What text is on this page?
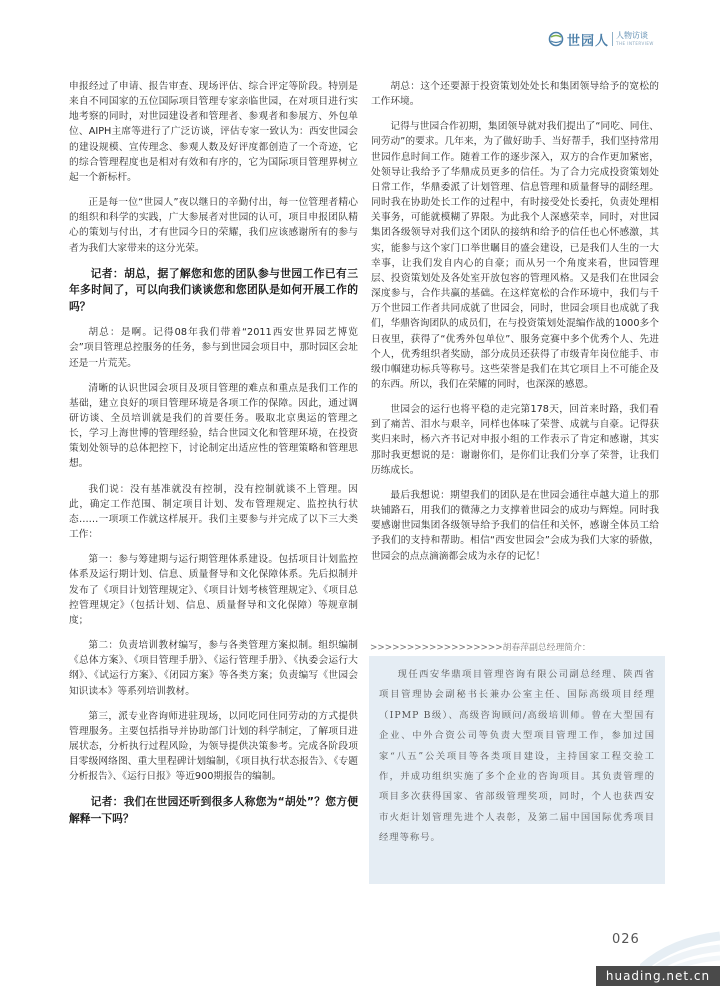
世园人 人物访谈
THE INTERVIEW

申报经过了申请、报告审查、现场评估、综合评定等阶段。特别是来自不同国家的五位国际项目管理专家亲临世园，在对项目进行实地考察的同时，对世园建设者和管理者、参观者和参展方、外包单位、AIPH主席等进行了广泛访谈，评估专家一致认为：西安世园会的建设规模、宣传理念、参观人数及好评度都创造了一个奇迹，它的综合管理程度也是相对有效和有序的，它为国际项目管理界树立起一个新标杆。

正是每一位“世园人”夜以继日的辛勤付出，每一位管理者精心的组织和科学的实践，广大参展者对世园的认可，项目申报团队精心的策划与付出，才有世园今日的荣耀，我们应该感谢所有的参与者为我们大家带来的这分光荣。

记者：胡总，据了解您和您的团队参与世园工作已有三年多时间了，可以向我们谈谈您和您团队是如何开展工作的吗？

胡总：是啊。记得08年我们带着“2011西安世界园艺博览会”项目管理总控服务的任务，参与到世园会项目中，那时园区会址还是一片荒芜。

清晰的认识世园会项目及项目管理的难点和重点是我们工作的基础，建立良好的项目管理环境是各项工作的保障。因此，通过调研访谈、全员培训就是我们的首要任务。吸取北京奥运的管理之长，学习上海世博的管理经验，结合世园文化和管理环境，在投资策划处领导的总体把控下，讨论制定出适应性的管理策略和管理思想。

我们说：没有基准就没有控制，没有控制就谈不上管理。因此，确定工作范围、制定项目计划、发布管理规定、监控执行状态……一项项工作就这样展开。我们主要参与并完成了以下三大类工作：

第一：参与筹建期与运行期管理体系建设。包括项目计划监控体系及运行期计划、信息、质量督导和文化保障体系。先后拟制并发布了《项目计划管理规定》、《项目计划考核管理规定》、《项目总控管理规定》（包括计划、信息、质量督导和文化保障）等规章制度；

第二：负责培训教材编写，参与各类管理方案拟制。组织编制《总体方案》、《项目管理手册》、《运行管理手册》、《执委会运行大纲》、《试运行方案》、《闭园方案》等各类方案；负责编写《世园会知识读本》等系列培训教材。

第三，派专业咨询师进驻现场，以同吃同住同劳动的方式提供管理服务。主要包括指导并协助部门计划的科学制定，了解项目进展状态，分析执行过程风险，为领导提供决策参考。完成各阶段项目零级网络图、重大里程碑计划编制，《项目执行状态报告》、《专题分析报告》、《运行日报》等近900期报告的编制。

记者：我们在世园还听到很多人称您为“胡处”？您方便解释一下吗？

胡总：这个还要源于投资策划处处长和集团领导给予的宽松的工作环境。

记得与世园合作初期，集团领导就对我们提出了“同吃、同住、同劳动”的要求。几年来，为了做好助手、当好帮手，我们坚持常用世园作息时间工作。随着工作的逐步深入，双方的合作更加紧密，处领导让我给予了华鼎成员更多的信任。为了合力完成投资策划处日常工作，华鼎委派了计划管理、信息管理和质量督导的副经理。同时我在协助处长工作的过程中，有时接受处长委托，负责处理相关事务，可能就模糊了界限。为此我个人深感荣幸，同时，对世园集团各级领导对我们这个团队的接纳和给予的信任也心怀感激，其实，能参与这个家门口举世瞩目的盛会建设，已是我们人生的一大幸事，让我们发自内心的自豪；而从另一个角度来看，世园管理层、投资策划处及各处室开放包容的管理风格。又是我们在世园会深度参与，合作共赢的基础。在这样宽松的合作环境中，我们与千万个世园工作者共同成就了世园会，同时，世园会项目也成就了我们，华鼎咨询团队的成员们，在与投资策划处混编作战的1000多个日夜里，获得了“优秀外包单位”、服务竞赛中多个优秀个人、先进个人，优秀组织者奖励，部分成员还获得了市级青年岗位能手、市级巾帼建功标兵等称号。这些荣誉是我们在其它项目上不可能企及的东西。所以，我们在荣耀的同时，也深深的感恩。

世园会的运行也将平稳的走完第178天，回首来时路，我们看到了痛苦、泪水与艰辛，同样也体味了荣誉、成就与自豪。记得获奖归来时，杨六齐书记对申报小组的工作表示了肯定和感谢，其实那时我更想说的是：谢谢你们，是你们让我们分享了荣誉，让我们历练成长。

最后我想说：期望我们的团队是在世园会通往卓越大道上的那块铺路石，用我们的微薄之力支撑着世园会的成功与辉煌。同时我要感谢世园集团各级领导给予我们的信任和关怀，感谢全体员工给予我们的支持和帮助。相信“西安世园会”会成为我们大家的骄傲，世园会的点点滴滴都会成为永存的记忆！

>>>>>>>>>>>>>>>>>>胡春萍副总经理简介：
现任西安华鼎项目管理咨询有限公司副总经理、陕西省项目管理协会副秘书长兼办公室主任、国际高级项目经理（IPMP B级）、高级咨询顾问/高级培训师。曾在大型国有企业、中外合资公司等负责大型项目管理工作，参加过国家“八五”公关项目等各类项目建设，主持国家工程交验工作，并成功组织实施了多个企业的咨询项目。其负责管理的项目多次获得国家、省部级管理奖项，同时，个人也获西安市火炬计划管理先进个人表彰，及第二届中国国际优秀项目经理等称号。
026
huading.net.cn
